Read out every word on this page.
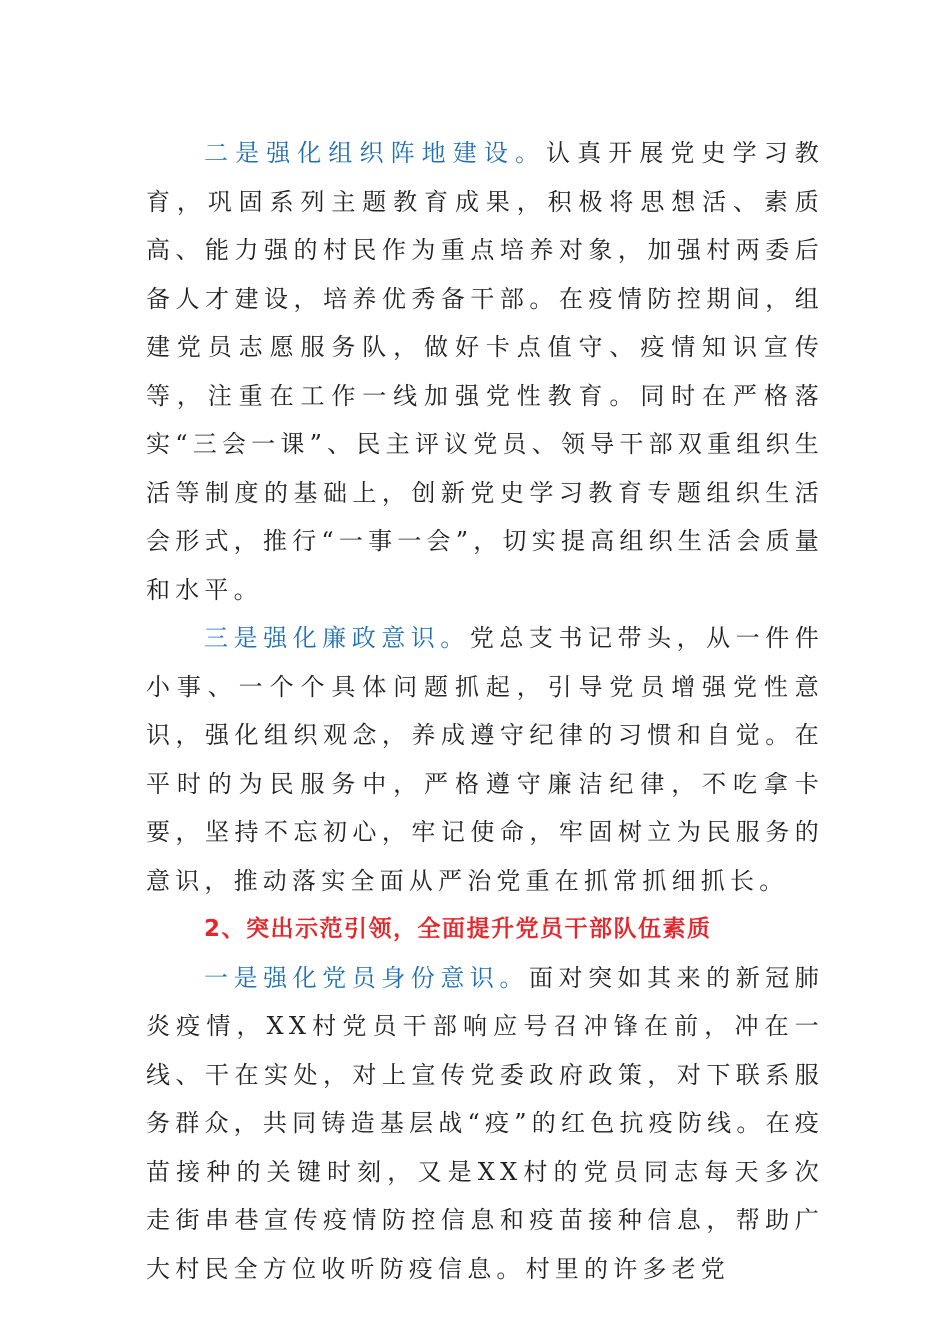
二是强化组织阵地建设。认真开展党史学习教育，巩固系列主题教育成果，积极将思想活、素质高、能力强的村民作为重点培养对象，加强村两委后备人才建设，培养优秀备干部。在疫情防控期间，组建党员志愿服务队，做好卡点值守、疫情知识宣传等，注重在工作一线加强党性教育。同时在严格落实“三会一课”、民主评议党员、领导干部双重组织生活等制度的基础上，创新党史学习教育专题组织生活会形式，推行“一事一会”，切实提高组织生活会质量和水平。

三是强化廉政意识。党总支书记带头，从一件件小事、一个个具体问题抓起，引导党员增强党性意识，强化组织观念，养成遵守纪律的习惯和自觉。在平时的为民服务中，严格遵守廉洁纪律，不吃拿卡要，坚持不忘初心，牢记使命，牢固树立为民服务的意识，推动落实全面从严治党重在抓常抓细抓长。

2、突出示范引领，全面提升党员干部队伍素质

一是强化党员身份意识。面对突如其来的新冠肺炎疫情，XX村党员干部响应号召冲锋在前，冲在一线、干在实处，对上宣传党委政府政策，对下联系服务群众，共同铸造基层战“疫”的红色抗疫防线。在疫苗接种的关键时刻，又是XX村的党员同志每天多次走街串巷宣传疫情防控信息和疫苗接种信息，帮助广大村民全方位收听防疫信息。村里的许多老党
